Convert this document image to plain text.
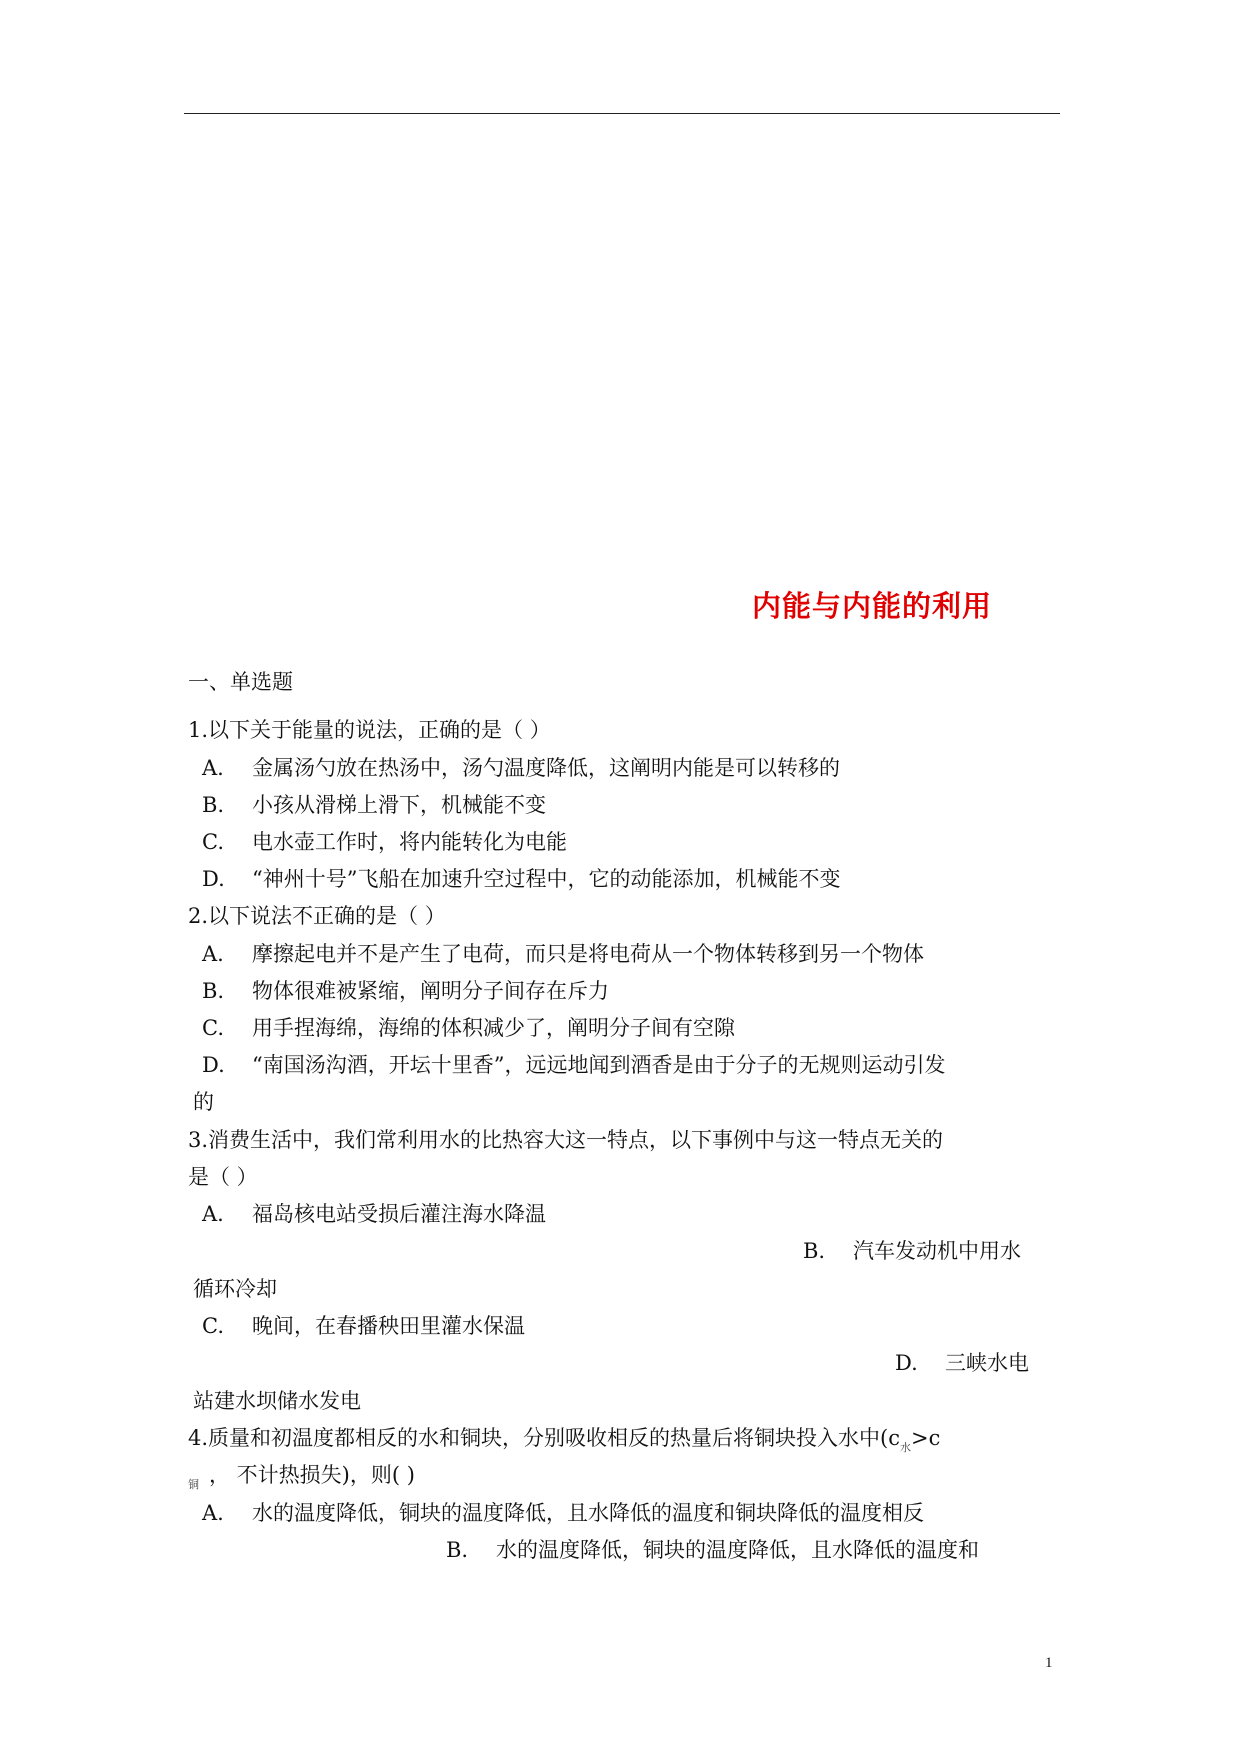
内能与内能的利用
一、单选题
1.以下关于能量的说法，正确的是（ ）
A. 金属汤勺放在热汤中，汤勺温度降低，这阐明内能是可以转移的
B. 小孩从滑梯上滑下，机械能不变
C. 电水壶工作时，将内能转化为电能
D. “神州十号”飞船在加速升空过程中，它的动能添加，机械能不变
2.以下说法不正确的是（ ）
A. 摩擦起电并不是产生了电荷，而只是将电荷从一个物体转移到另一个物体
B. 物体很难被紧缩，阐明分子间存在斥力
C. 用手捏海绵，海绵的体积减少了，阐明分子间有空隙
D. “南国汤沟酒，开坛十里香”，远远地闻到酒香是由于分子的无规则运动引发
的
3.消费生活中，我们常利用水的比热容大这一特点，以下事例中与这一特点无关的
是（ ）
A. 福岛核电站受损后灌注海水降温
B. 汽车发动机中用水
循环冷却
C. 晚间，在春播秧田里灌水保温
D. 三峡水电
站建水坝储水发电
4.质量和初温度都相反的水和铜块，分别吸收相反的热量后将铜块投入水中($c_水>c$
$_铜$ ， 不计热损失)，则( )
A. 水的温度降低，铜块的温度降低，且水降低的温度和铜块降低的温度相反
B. 水的温度降低，铜块的温度降低，且水降低的温度和
1
